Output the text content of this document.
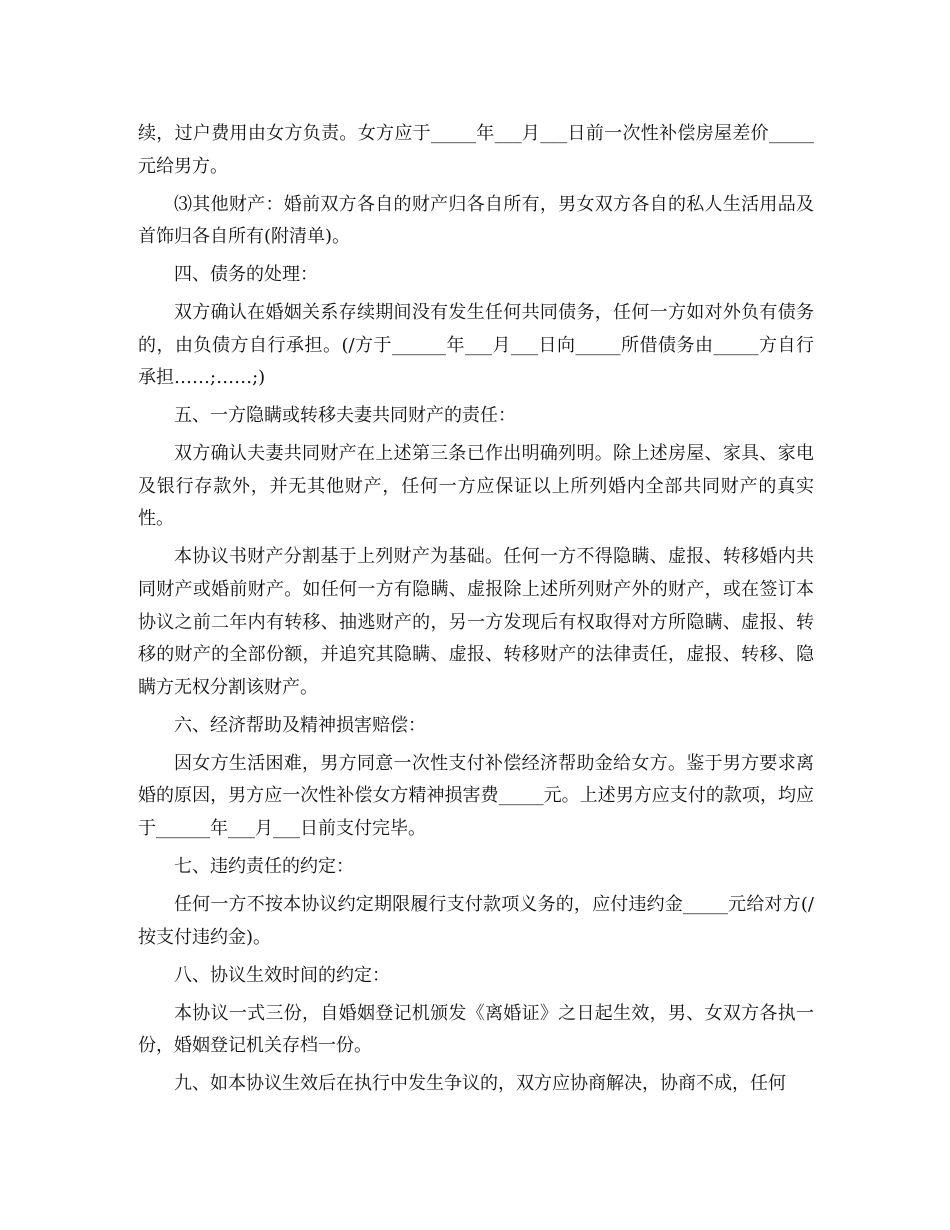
续，过户费用由女方负责。女方应于_____年___月___日前一次性补偿房屋差价_____元给男方。

⑶其他财产：婚前双方各自的财产归各自所有，男女双方各自的私人生活用品及首饰归各自所有(附清单)。

四、债务的处理：

双方确认在婚姻关系存续期间没有发生任何共同债务，任何一方如对外负有债务的，由负债方自行承担。(/方于______年___月___日向_____所借债务由_____方自行承担……;……;)

五、一方隐瞒或转移夫妻共同财产的责任：

双方确认夫妻共同财产在上述第三条已作出明确列明。除上述房屋、家具、家电及银行存款外，并无其他财产，任何一方应保证以上所列婚内全部共同财产的真实性。

本协议书财产分割基于上列财产为基础。任何一方不得隐瞒、虚报、转移婚内共同财产或婚前财产。如任何一方有隐瞒、虚报除上述所列财产外的财产，或在签订本协议之前二年内有转移、抽逃财产的，另一方发现后有权取得对方所隐瞒、虚报、转移的财产的全部份额，并追究其隐瞒、虚报、转移财产的法律责任，虚报、转移、隐瞒方无权分割该财产。

六、经济帮助及精神损害赔偿：

因女方生活困难，男方同意一次性支付补偿经济帮助金给女方。鉴于男方要求离婚的原因，男方应一次性补偿女方精神损害费_____元。上述男方应支付的款项，均应于______年___月___日前支付完毕。

七、违约责任的约定：

任何一方不按本协议约定期限履行支付款项义务的，应付违约金_____元给对方(/按支付违约金)。

八、协议生效时间的约定：

本协议一式三份，自婚姻登记机颁发《离婚证》之日起生效，男、女双方各执一份，婚姻登记机关存档一份。

九、如本协议生效后在执行中发生争议的，双方应协商解决，协商不成，任何
